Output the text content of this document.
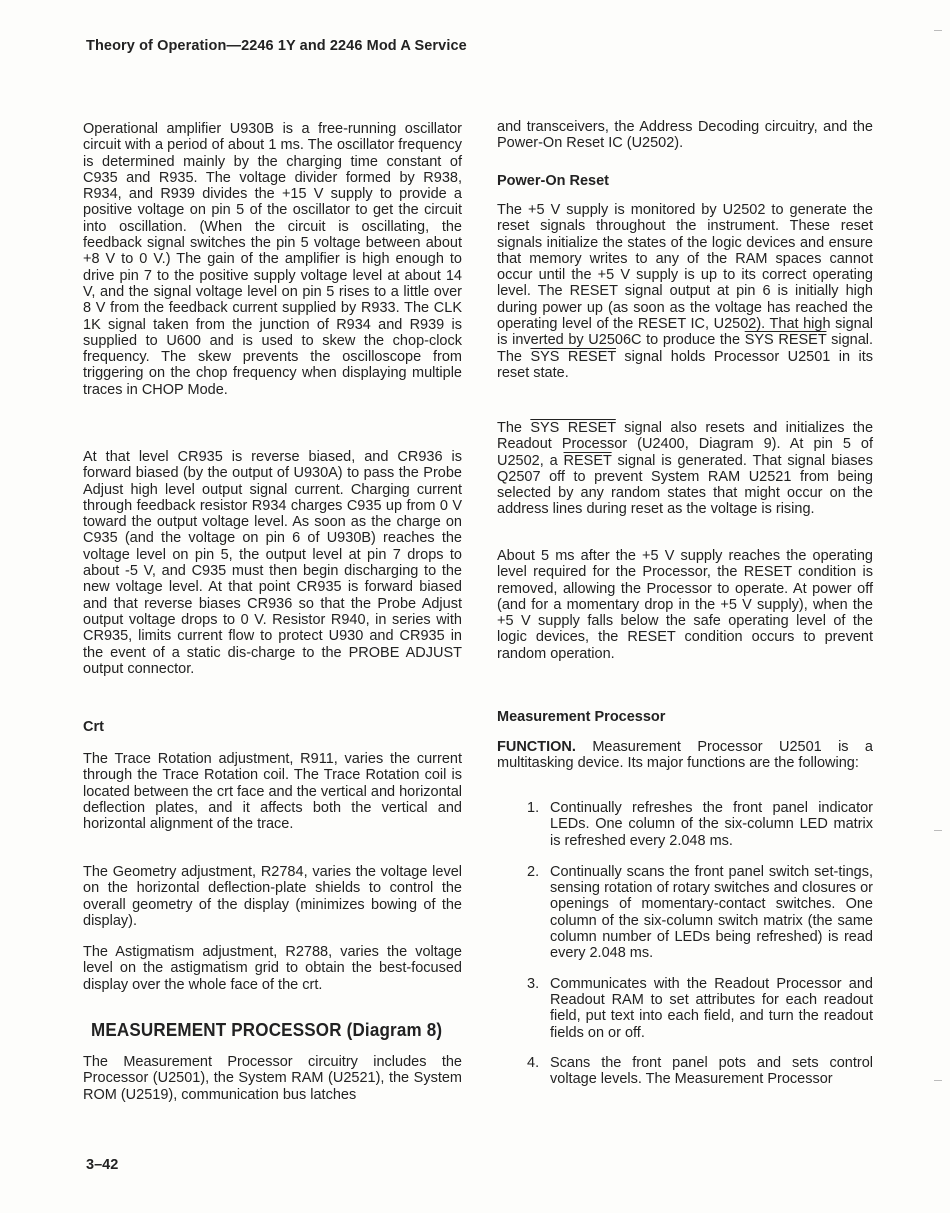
Theory of Operation—2246 1Y and 2246 Mod A Service

Operational amplifier U930B is a free-running oscillator circuit with a period of about 1 ms. The oscillator frequency is determined mainly by the charging time constant of C935 and R935. The voltage divider formed by R938, R934, and R939 divides the +15 V supply to provide a positive voltage on pin 5 of the oscillator to get the circuit into oscillation. (When the circuit is oscillating, the feedback signal switches the pin 5 voltage between about +8 V to 0 V.) The gain of the amplifier is high enough to drive pin 7 to the positive supply voltage level at about 14 V, and the signal voltage level on pin 5 rises to a little over 8 V from the feedback current supplied by R933. The CLK 1K signal taken from the junction of R934 and R939 is supplied to U600 and is used to skew the chop-clock frequency. The skew prevents the oscilloscope from triggering on the chop frequency when displaying multiple traces in CHOP Mode.

At that level CR935 is reverse biased, and CR936 is forward biased (by the output of U930A) to pass the Probe Adjust high level output signal current. Charging current through feedback resistor R934 charges C935 up from 0 V toward the output voltage level. As soon as the charge on C935 (and the voltage on pin 6 of U930B) reaches the voltage level on pin 5, the output level at pin 7 drops to about -5 V, and C935 must then begin discharging to the new voltage level. At that point CR935 is forward biased and that reverse biases CR936 so that the Probe Adjust output voltage drops to 0 V. Resistor R940, in series with CR935, limits current flow to protect U930 and CR935 in the event of a static dis-charge to the PROBE ADJUST output connector.

Crt

The Trace Rotation adjustment, R911, varies the current through the Trace Rotation coil. The Trace Rotation coil is located between the crt face and the vertical and horizontal deflection plates, and it affects both the vertical and horizontal alignment of the trace.

The Geometry adjustment, R2784, varies the voltage level on the horizontal deflection-plate shields to control the overall geometry of the display (minimizes bowing of the display).

The Astigmatism adjustment, R2788, varies the voltage level on the astigmatism grid to obtain the best-focused display over the whole face of the crt.

MEASUREMENT PROCESSOR (Diagram 8)

The Measurement Processor circuitry includes the Processor (U2501), the System RAM (U2521), the System ROM (U2519), communication bus latches

and transceivers, the Address Decoding circuitry, and the Power-On Reset IC (U2502).

Power-On Reset

The +5 V supply is monitored by U2502 to generate the reset signals throughout the instrument. These reset signals initialize the states of the logic devices and ensure that memory writes to any of the RAM spaces cannot occur until the +5 V supply is up to its correct operating level. The RESET signal output at pin 6 is initially high during power up (as soon as the voltage has reached the operating level of the RESET IC, U2502). That high signal is inverted by U2506C to produce the SYS RESET signal. The SYS RESET signal holds Processor U2501 in its reset state.

The SYS RESET signal also resets and initializes the Readout Processor (U2400, Diagram 9). At pin 5 of U2502, a RESET signal is generated. That signal biases Q2507 off to prevent System RAM U2521 from being selected by any random states that might occur on the address lines during reset as the voltage is rising.

About 5 ms after the +5 V supply reaches the operating level required for the Processor, the RESET condition is removed, allowing the Processor to operate. At power off (and for a momentary drop in the +5 V supply), when the +5 V supply falls below the safe operating level of the logic devices, the RESET condition occurs to prevent random operation.

Measurement Processor

FUNCTION. Measurement Processor U2501 is a multitasking device. Its major functions are the following:

1. Continually refreshes the front panel indicator LEDs. One column of the six-column LED matrix is refreshed every 2.048 ms.

2. Continually scans the front panel switch set-tings, sensing rotation of rotary switches and closures or openings of momentary-contact switches. One column of the six-column switch matrix (the same column number of LEDs being refreshed) is read every 2.048 ms.

3. Communicates with the Readout Processor and Readout RAM to set attributes for each readout field, put text into each field, and turn the readout fields on or off.

4. Scans the front panel pots and sets control voltage levels. The Measurement Processor

3–42
